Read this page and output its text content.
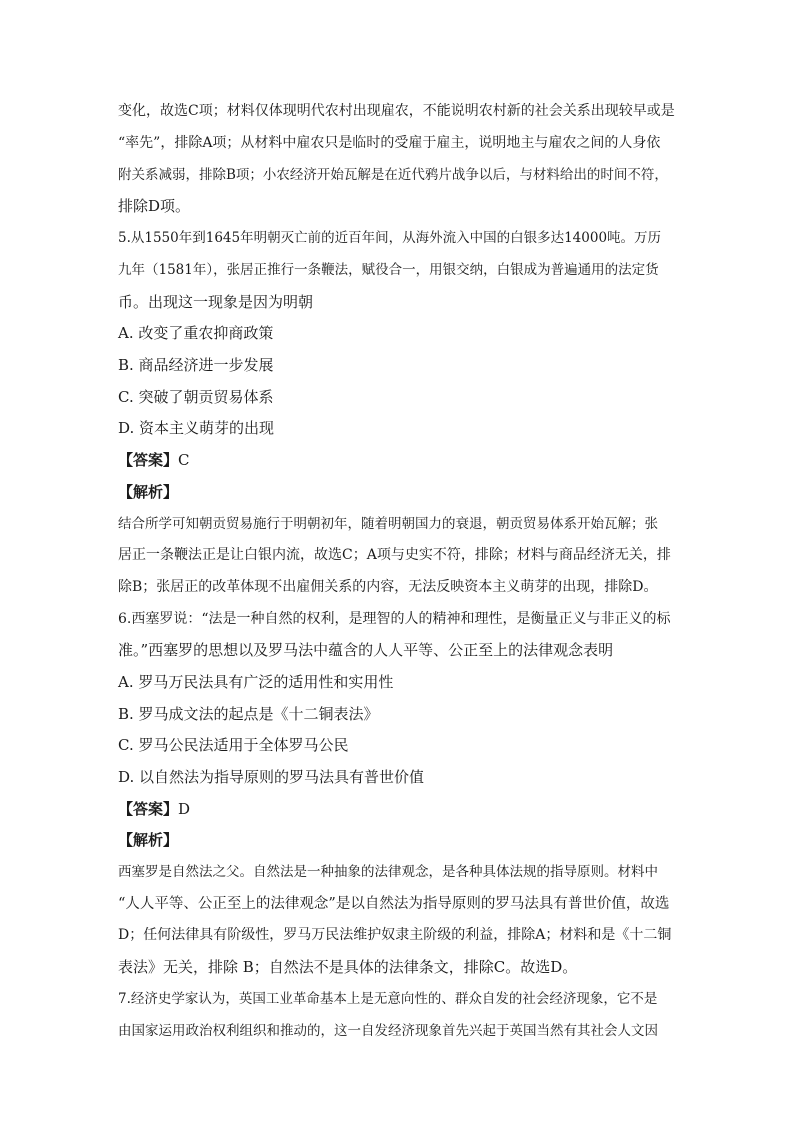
变化，故选C项；材料仅体现明代农村出现雇农，不能说明农村新的社会关系出现较早或是
“率先”，排除A项；从材料中雇农只是临时的受雇于雇主，说明地主与雇农之间的人身依
附关系减弱，排除B项；小农经济开始瓦解是在近代鸦片战争以后，与材料给出的时间不符，
排除D项。
5.从1550年到1645年明朝灭亡前的近百年间，从海外流入中国的白银多达14000吨。万历
九年（1581年），张居正推行一条鞭法，赋役合一，用银交纳，白银成为普遍通用的法定货
币。出现这一现象是因为明朝
A. 改变了重农抑商政策
B. 商品经济进一步发展
C. 突破了朝贡贸易体系
D. 资本主义萌芽的出现
【答案】C
【解析】
结合所学可知朝贡贸易施行于明朝初年，随着明朝国力的衰退，朝贡贸易体系开始瓦解；张
居正一条鞭法正是让白银内流，故选C；A项与史实不符，排除；材料与商品经济无关，排
除B；张居正的改革体现不出雇佣关系的内容，无法反映资本主义萌芽的出现，排除D。
6.西塞罗说：“法是一种自然的权利，是理智的人的精神和理性，是衡量正义与非正义的标
准。”西塞罗的思想以及罗马法中蕴含的人人平等、公正至上的法律观念表明
A. 罗马万民法具有广泛的适用性和实用性
B. 罗马成文法的起点是《十二铜表法》
C. 罗马公民法适用于全体罗马公民
D. 以自然法为指导原则的罗马法具有普世价值
【答案】D
【解析】
西塞罗是自然法之父。自然法是一种抽象的法律观念，是各种具体法规的指导原则。材料中
“人人平等、公正至上的法律观念”是以自然法为指导原则的罗马法具有普世价值，故选
D；任何法律具有阶级性，罗马万民法维护奴隶主阶级的利益，排除A；材料和是《十二铜
表法》无关，排除 B；自然法不是具体的法律条文，排除C。故选D。
7.经济史学家认为，英国工业革命基本上是无意向性的、群众自发的社会经济现象，它不是
由国家运用政治权利组织和推动的，这一自发经济现象首先兴起于英国当然有其社会人文因
